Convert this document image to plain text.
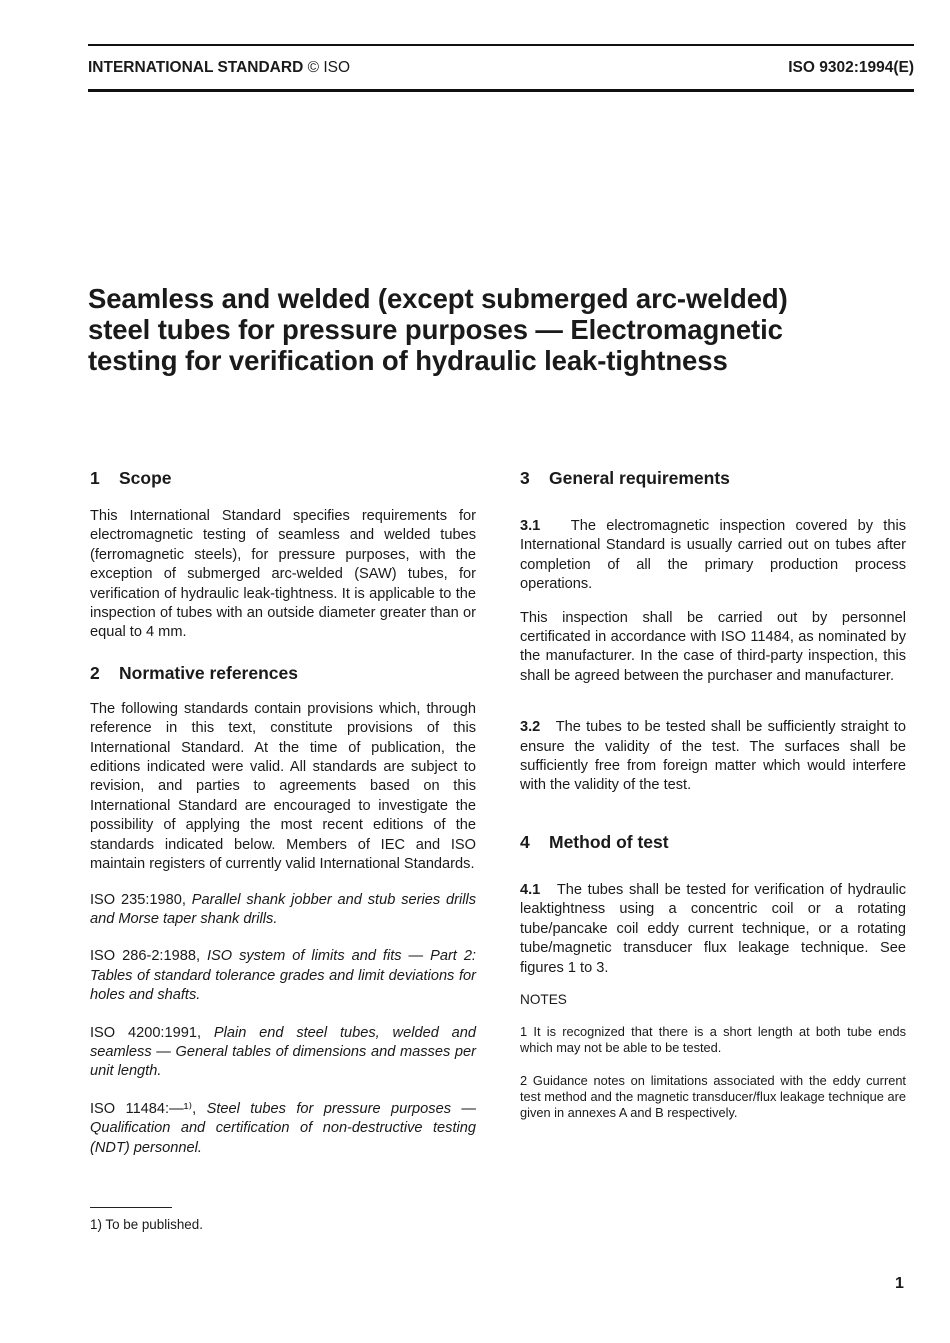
INTERNATIONAL STANDARD © ISO	ISO 9302:1994(E)
Seamless and welded (except submerged arc-welded)
steel tubes for pressure purposes — Electromagnetic
testing for verification of hydraulic leak-tightness
1 Scope

This International Standard specifies requirements for electromagnetic testing of seamless and welded tubes (ferromagnetic steels), for pressure purposes, with the exception of submerged arc-welded (SAW) tubes, for verification of hydraulic leak-tightness. It is applicable to the inspection of tubes with an outside diameter greater than or equal to 4 mm.

2 Normative references

The following standards contain provisions which, through reference in this text, constitute provisions of this International Standard. At the time of publication, the editions indicated were valid. All standards are subject to revision, and parties to agreements based on this International Standard are encouraged to investigate the possibility of applying the most recent editions of the standards indicated below. Members of IEC and ISO maintain registers of currently valid International Standards.

ISO 235:1980, Parallel shank jobber and stub series drills and Morse taper shank drills.

ISO 286-2:1988, ISO system of limits and fits — Part 2: Tables of standard tolerance grades and limit deviations for holes and shafts.

ISO 4200:1991, Plain end steel tubes, welded and seamless — General tables of dimensions and masses per unit length.

ISO 11484:—¹⁾, Steel tubes for pressure purposes — Qualification and certification of non-destructive testing (NDT) personnel.

3 General requirements

3.1 The electromagnetic inspection covered by this International Standard is usually carried out on tubes after completion of all the primary production process operations.

This inspection shall be carried out by personnel certificated in accordance with ISO 11484, as nominated by the manufacturer. In the case of third-party inspection, this shall be agreed between the purchaser and manufacturer.

3.2 The tubes to be tested shall be sufficiently straight to ensure the validity of the test. The surfaces shall be sufficiently free from foreign matter which would interfere with the validity of the test.

4 Method of test

4.1 The tubes shall be tested for verification of hydraulic leaktightness using a concentric coil or a rotating tube/pancake coil eddy current technique, or a rotating tube/magnetic transducer flux leakage technique. See figures 1 to 3.

NOTES

1 It is recognized that there is a short length at both tube ends which may not be able to be tested.

2 Guidance notes on limitations associated with the eddy current test method and the magnetic transducer/flux leakage technique are given in annexes A and B respectively.

1) To be published.
1
